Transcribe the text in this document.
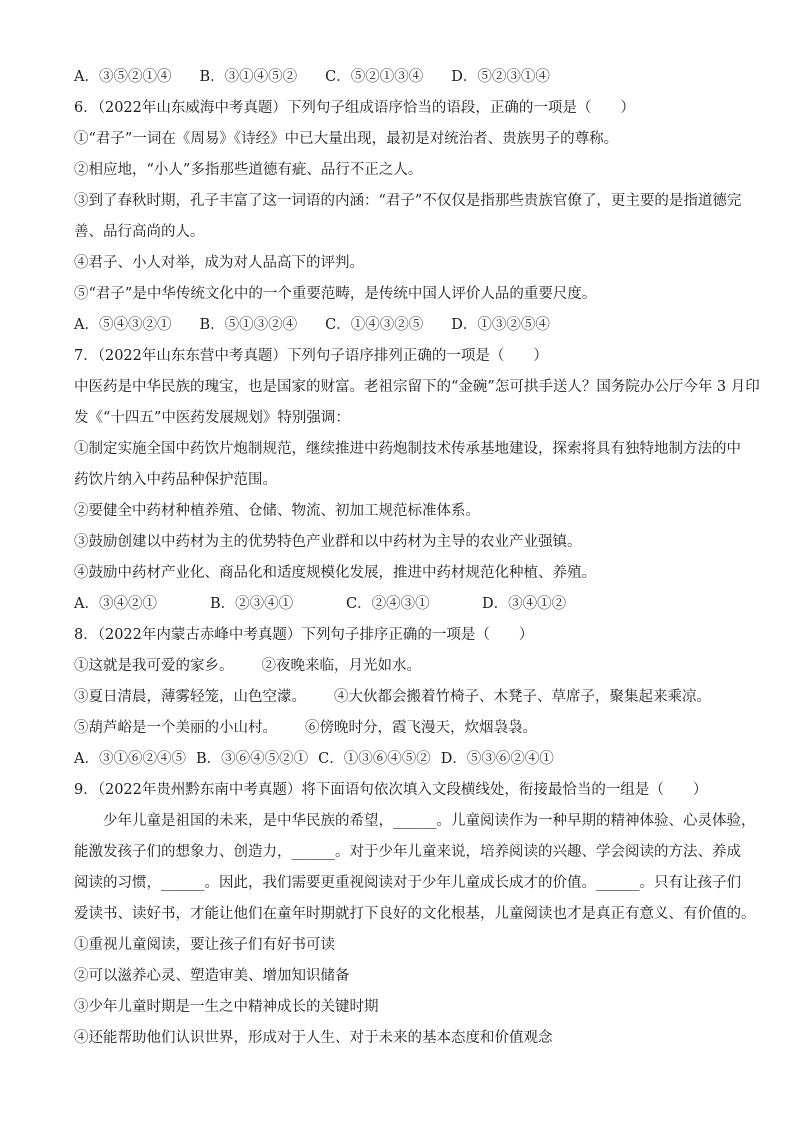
A．③⑤②①④ B．③①④⑤② C．⑤②①③④ D．⑤②③①④
6．（2022年山东威海中考真题）下列句子组成语序恰当的语段，正确的一项是（　　）
①“君子”一词在《周易》《诗经》中已大量出现，最初是对统治者、贵族男子的尊称。
②相应地，“小人”多指那些道德有疵、品行不正之人。
③到了春秋时期，孔子丰富了这一词语的内涵：“君子”不仅仅是指那些贵族官僚了，更主要的是指道德完
善、品行高尚的人。
④君子、小人对举，成为对人品高下的评判。
⑤“君子”是中华传统文化中的一个重要范畴，是传统中国人评价人品的重要尺度。
A．⑤④③②① B．⑤①③②④ C．①④③②⑤ D．①③②⑤④
7．（2022年山东东营中考真题）下列句子语序排列正确的一项是（　　）
中医药是中华民族的瑰宝，也是国家的财富。老祖宗留下的“金碗”怎可拱手送人？国务院办公厅今年 3 月印
发《“十四五”中医药发展规划》特别强调：
①制定实施全国中药饮片炮制规范，继续推进中药炮制技术传承基地建设，探索将具有独特地制方法的中
药饮片纳入中药品种保护范围。
②要健全中药材种植养殖、仓储、物流、初加工规范标准体系。
③鼓励创建以中药材为主的优势特色产业群和以中药材为主导的农业产业强镇。
④鼓励中药材产业化、商品化和适度规模化发展，推进中药材规范化种植、养殖。
A．③④②①	B．②③④①	C．②④③①	D．③④①②
8．（2022年内蒙古赤峰中考真题）下列句子排序正确的一项是（　　）
①这就是我可爱的家乡。 ②夜晚来临，月光如水。
③夏日清晨，薄雾轻笼，山色空濛。 ④大伙都会搬着竹椅子、木凳子、草席子，聚集起来乘凉。
⑤葫芦峪是一个美丽的小山村。 ⑥傍晚时分，霞飞漫天，炊烟袅袅。
A．③①⑥②④⑤ B．③⑥④⑤②① C．①③⑥④⑤② D．⑤③⑥②④①
9．（2022年贵州黔东南中考真题）将下面语句依次填入文段横线处，衔接最恰当的一组是（　　）
少年儿童是祖国的未来，是中华民族的希望，______。儿童阅读作为一种早期的精神体验、心灵体验，
能激发孩子们的想象力、创造力，______。对于少年儿童来说，培养阅读的兴趣、学会阅读的方法、养成
阅读的习惯，______。因此，我们需要更重视阅读对于少年儿童成长成才的价值。______。只有让孩子们
爱读书、读好书，才能让他们在童年时期就打下良好的文化根基，儿童阅读也才是真正有意义、有价值的。
①重视儿童阅读，要让孩子们有好书可读
②可以滋养心灵、塑造审美、增加知识储备
③少年儿童时期是一生之中精神成长的关键时期
④还能帮助他们认识世界，形成对于人生、对于未来的基本态度和价值观念
